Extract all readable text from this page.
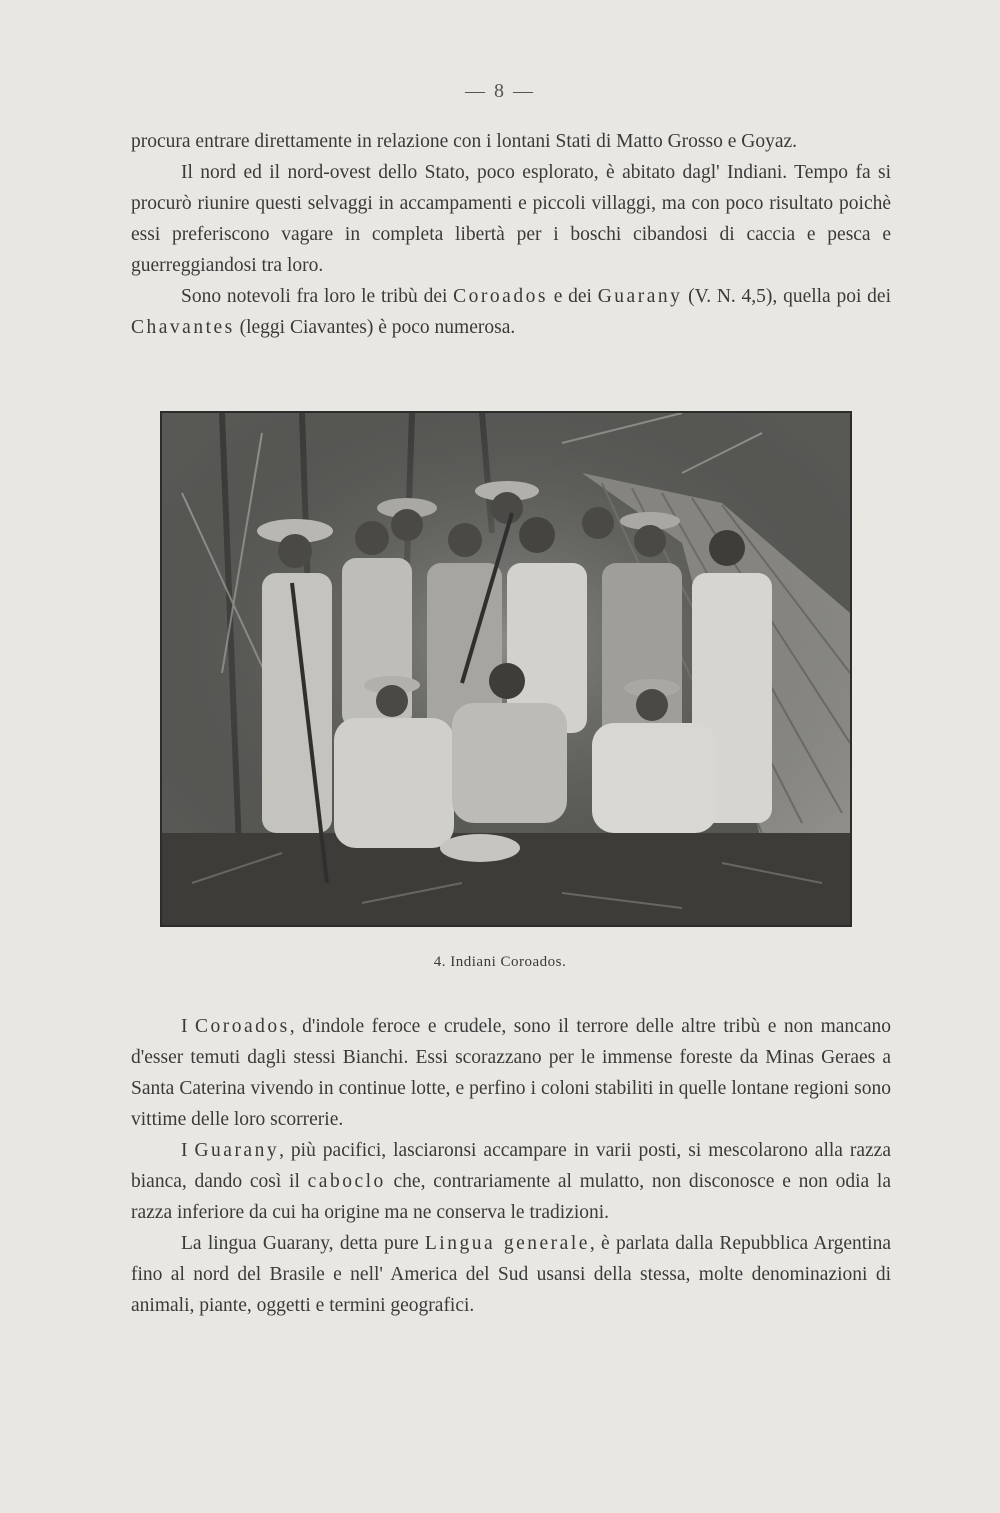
— 8 —

procura entrare direttamente in relazione con i lontani Stati di Matto Grosso e Goyaz.

Il nord ed il nord-ovest dello Stato, poco esplorato, è abitato dagl' Indiani. Tempo fa si procurò riunire questi selvaggi in accampamenti e piccoli villaggi, ma con poco risultato poichè essi preferiscono vagare in completa libertà per i boschi cibandosi di caccia e pesca e guerreggiandosi tra loro.

Sono notevoli fra loro le tribù dei Coroados e dei Guarany (V. N. 4,5), quella poi dei Chavantes (leggi Ciavantes) è poco numerosa.

4. Indiani Coroados.

I Coroados, d'indole feroce e crudele, sono il terrore delle altre tribù e non mancano d'esser temuti dagli stessi Bianchi. Essi scorazzano per le immense foreste da Minas Geraes a Santa Caterina vivendo in continue lotte, e perfino i coloni stabiliti in quelle lontane regioni sono vittime delle loro scorrerie.

I Guarany, più pacifici, lasciaronsi accampare in varii posti, si mescolarono alla razza bianca, dando così il caboclo che, contrariamente al mulatto, non disconosce e non odia la razza inferiore da cui ha origine ma ne conserva le tradizioni.

La lingua Guarany, detta pure Lingua generale, è parlata dalla Repubblica Argentina fino al nord del Brasile e nell' America del Sud usansi della stessa, molte denominazioni di animali, piante, oggetti e termini geografici.
